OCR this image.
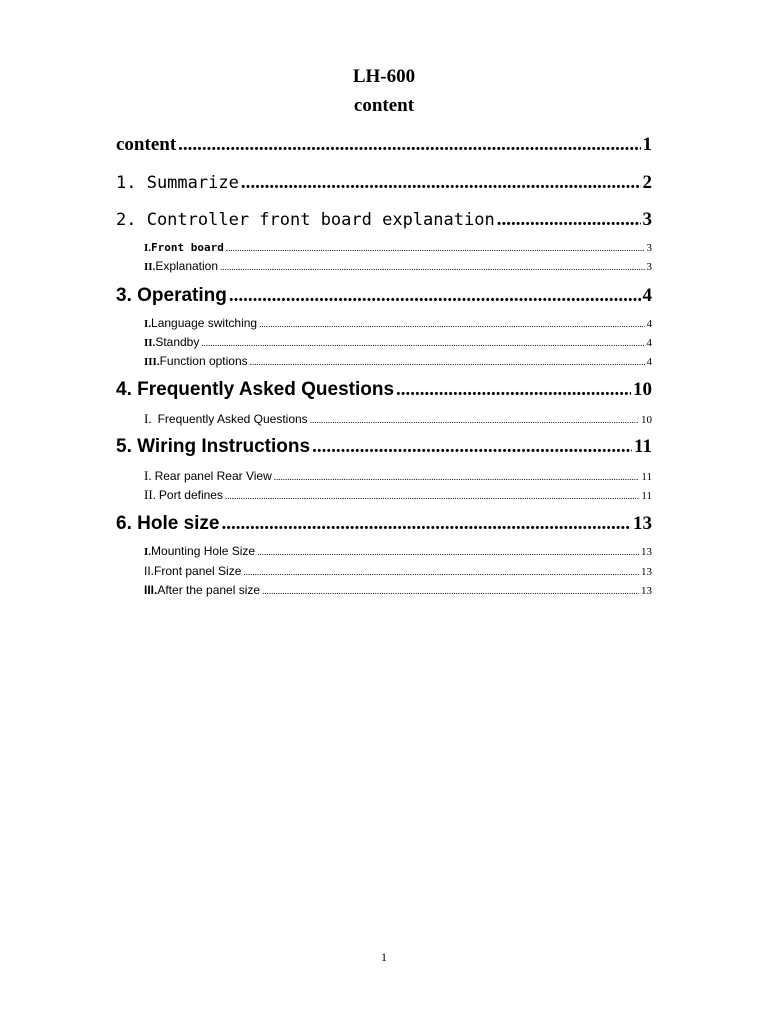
LH-600
content
content .....	1
1. Summarize .....	2
2. Controller front board explanation .....	3
I.Front board .....	3
II.Explanation .....	3
3. Operating .....	4
I.Language switching .....	4
II.Standby .....	4
III.Function options .....	4
4. Frequently Asked Questions .....	10
I. Frequently Asked Questions .....	10
5. Wiring Instructions .....	11
I. Rear panel Rear View .....	11
II. Port defines .....	11
6. Hole size .....	13
I.Mounting Hole Size .....	13
II.Front panel Size .....	13
III.After the panel size .....	13
1
